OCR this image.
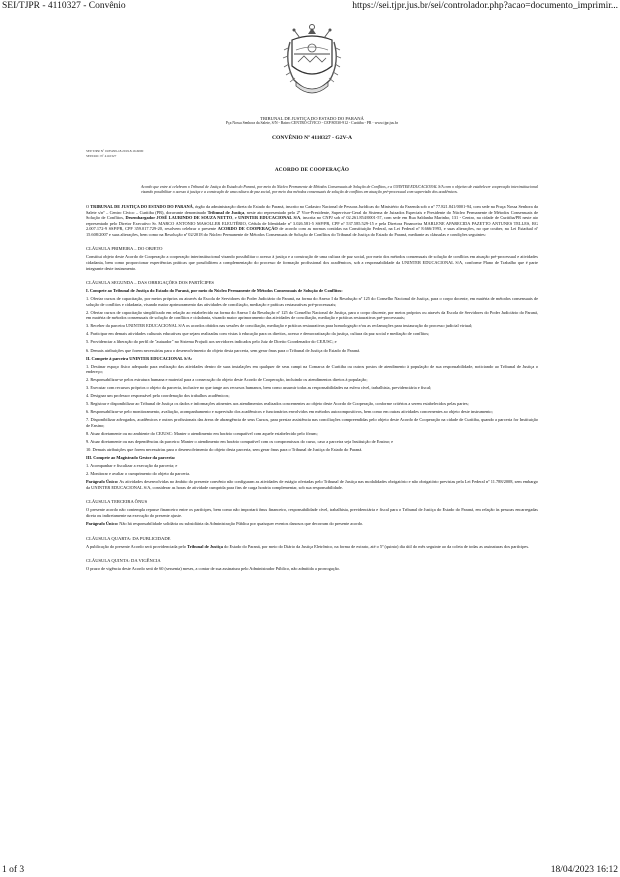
SEI/TJPR - 4110327 - Convênio	https://sei.tjpr.jus.br/sei/controlador.php?acao=documento_imprimir...
TRIBUNAL DE JUSTIÇA DO ESTADO DO PARANÁ
Pça Nossa Senhora da Salete, S/N - Bairro CENTRO CÍVICO - CEP 80530-912 - Curitiba - PR - www.tjpr.jus.br
CONVÊNIO Nº 4110327 - G2V-A
SEI!TJPR Nº 0185299-18.2019.8.16.6000
SEI!DOC Nº 4110327
ACORDO DE COOPERAÇÃO

Acordo que entre si celebram o Tribunal de Justiça do Estado do Paraná, por meio do Núcleo Permanente de Métodos Consensuais de Solução de Conflitos, e a UNINTER EDUCACIONAL S/A com o objetivo de estabelecer cooperação interinstitucional visando possibilitar o acesso à justiça e a construção de uma cultura de paz social, por meio dos métodos consensuais de solução de conflitos em atuação pré-processual com supervisão dos acadêmicos.

O TRIBUNAL DE JUSTIÇA DO ESTADO DO PARANÁ, órgão da administração direta do Estado do Paraná, inscrito no Cadastro Nacional de Pessoas Jurídicas do Ministério da Fazenda sob o nº 77.821.841/0001-94, com sede na Praça Nossa Senhora da Salete s/nº – Centro Cívico – Curitiba (PR), doravante denominado Tribunal de Justiça, neste ato representado pelo 2º Vice-Presidente, Supervisor-Geral do Sistema de Juizados Especiais e Presidente do Núcleo Permanente de Métodos Consensuais de Solução de Conflitos, Desembargador JOSÉ LAURINDO DE SOUZA NETTO, e UNINTER EDUCACIONAL S/A, inscrita no CNPJ sob nº 02.261.854/0001-57, com sede em Rua Saldanha Marinho, 131 - Centro, na cidade de Curitiba/PR neste ato representado pelo Diretor Executivo Sr. MARCO ANTONIO MASOLLER ELEUTÉRIO, Cédula de Identidade nº 3.026.581-5 SSP/PR, CPF nº 537.585.529-15 e pela Diretora Financeira MARLENE APARECIDA PAZETTO ANTUNES TELLES, RG 2.007.172-9 SSP/PR, CPF 359.017.729-20, resolvem celebrar o presente ACORDO DE COOPERAÇÃO de acordo com as normas contidas na Constituição Federal, na Lei Federal nº 8.666/1993, e suas alterações, no que couber, na Lei Estadual nº 15.608/2007 e suas alterações, bem como na Resolução nº 02/2018 do Núcleo Permanente de Métodos Consensuais de Solução de Conflitos do Tribunal de Justiça do Estado do Paraná, mediante as cláusulas e condições seguintes:

CLÁUSULA PRIMEIRA – DO OBJETO

Constitui objeto deste Acordo de Cooperação a cooperação interinstitucional visando possibilitar o acesso à justiça e a construção de uma cultura de paz social, por meio dos métodos consensuais de solução de conflitos em atuação pré-processual e atividades cidadania, bem como proporcionar experiências práticas que possibilitem a complementação do processo de formação profissional dos acadêmicos, sob a responsabilidade da UNINTER EDUCACIONAL S/A, conforme Plano de Trabalho que é parte integrante deste instrumento.

CLÁUSULA SEGUNDA – DAS OBRIGAÇÕES DOS PARTÍCIPES

I. Compete ao Tribunal de Justiça do Estado do Paraná, por meio do Núcleo Permanente de Métodos Consensuais de Solução de Conflitos:

1. Ofertar cursos de capacitação, por meios próprios ou através da Escola de Servidores do Poder Judiciário do Paraná, na forma do Anexo I da Resolução nº 125 do Conselho Nacional de Justiça, para o corpo docente, em matéria de métodos consensuais de solução de conflitos e cidadania, visando maior aprimoramento das atividades de conciliação, mediação e práticas restaurativas pré-processuais;

2. Ofertar cursos de capacitação simplificado em relação ao estabelecido na forma do Anexo I da Resolução nº 125 do Conselho Nacional de Justiça, para o corpo discente, por meios próprios ou através da Escola de Servidores do Poder Judiciário do Paraná, em matéria de métodos consensuais de solução de conflitos e cidadania, visando maior aprimoramento das atividades de conciliação, mediação e práticas restaurativas pré-processuais;

3. Receber da parceira UNINTER EDUCACIONAL S/A os acordos obtidos nas sessões de conciliação, mediação e práticas restaurativas para homologação e/ou as reclamações para instauração do processo judicial virtual;

4. Participar em demais atividades culturais educativas que sejam realizadas com vistas à educação para os direitos, acesso e democratização da justiça, cultura da paz social e mediação de conflitos;

5. Providenciar a liberação do perfil de "autuador" no Sistema Projudi aos servidores indicados pelo Juiz de Direito Coordenador do CEJUSC; e

6. Demais atribuições que forem necessárias para o desenvolvimento do objeto desta parceria, sem gerar ônus para o Tribunal de Justiça do Estado do Paraná.

II. Compete à parceira UNINTER EDUCACIONAL S/A:

1. Destinar espaço físico adequado para realização das atividades dentro de suas instalações em qualquer de seus campi na Comarca de Curitiba ou outros postos de atendimento à população de sua responsabilidade, noticiando ao Tribunal de Justiça o endereço;

2. Responsabilizar-se pelos estrutura humana e material para a consecução do objeto deste Acordo de Cooperação, incluindo os atendimentos diretos à população;

3. Executar com recursos próprios o objeto da parceria, inclusive no que tange aos recursos humanos, bem como assumir todas as responsabilidades na esfera cível, trabalhista, previdenciária e fiscal;

4. Designar um professor responsável pela coordenação dos trabalhos acadêmicos;

5. Registrar e disponibilizar ao Tribunal de Justiça os dados e informações atinentes aos atendimentos realizados concernentes ao objeto deste Acordo de Cooperação, conforme critérios a serem estabelecidos pelas partes;

6. Responsabilizar-se pelo monitoramento, avaliação, acompanhamento e supervisão dos acadêmicos e funcionários envolvidos em métodos autocompositivos, bem como em outras atividades concernentes ao objeto deste instrumento;

7. Disponibilizar advogados, acadêmicos e outros profissionais das áreas de abrangência de seus Cursos, para prestar assistência nas conciliações compreendidas pelo objeto deste Acordo de Cooperação na cidade de Curitiba, quando a parceria for Instituição de Ensino;

8. Atuar diretamente ou no ambiente do CEJUSC: Manter o atendimento em horário compatível com aquele estabelecido pelo fórum;

9. Atuar diretamente ou nas dependências da parceira: Manter o atendimento em horário compatível com os compromissos do curso, caso a parceira seja Instituição de Ensino; e

10. Demais atribuições que forem necessárias para o desenvolvimento do objeto desta parceria, sem gerar ônus para o Tribunal de Justiça do Estado do Paraná.

III. Compete ao Magistrado Gestor da parceria:

1. Acompanhar e fiscalizar a execução da parceria; e

2. Monitorar e avaliar o cumprimento do objeto da parceria.

Parágrafo Único: As atividades desenvolvidas no âmbito do presente convênio não configuram as atividades de estágio ofertadas pelo Tribunal de Justiça nas modalidades obrigatório e não obrigatório previstas pela Lei Federal nº 11.788/2008, sem embargo da UNINTER EDUCACIONAL S/A, considerar as horas de atividade cumprida para fins de carga horária complementar, sob sua responsabilidade.

CLÁUSULA TERCEIRA ÔNUS

O presente acordo não contempla repasse financeiro entre os partícipes, bem como não importará ônus financeiro, responsabilidade cível, trabalhista, previdenciária e fiscal para o Tribunal de Justiça do Estado do Paraná, em relação às pessoas encarregadas direta ou indiretamente na execução do presente ajuste.

Parágrafo Único: Não há responsabilidade solidária ou subsidiária da Administração Pública por quaisquer eventos danosos que decorram do presente acordo.

CLÁUSULA QUARTA: DA PUBLICIDADE

A publicação do presente Acordo será providenciada pelo Tribunal de Justiça do Estado do Paraná, por meio do Diário da Justiça Eletrônico, na forma de extrato, até o 5º (quinto) dia útil do mês seguinte ao da coleta de todas as assinaturas dos partícipes.

CLÁUSULA QUINTA: DA VIGÊNCIA

O prazo de vigência deste Acordo será de 60 (sessenta) meses, a contar de sua assinatura pelo Administrador Público, não admitida a prorrogação.

1 of 3	18/04/2023 16:12
